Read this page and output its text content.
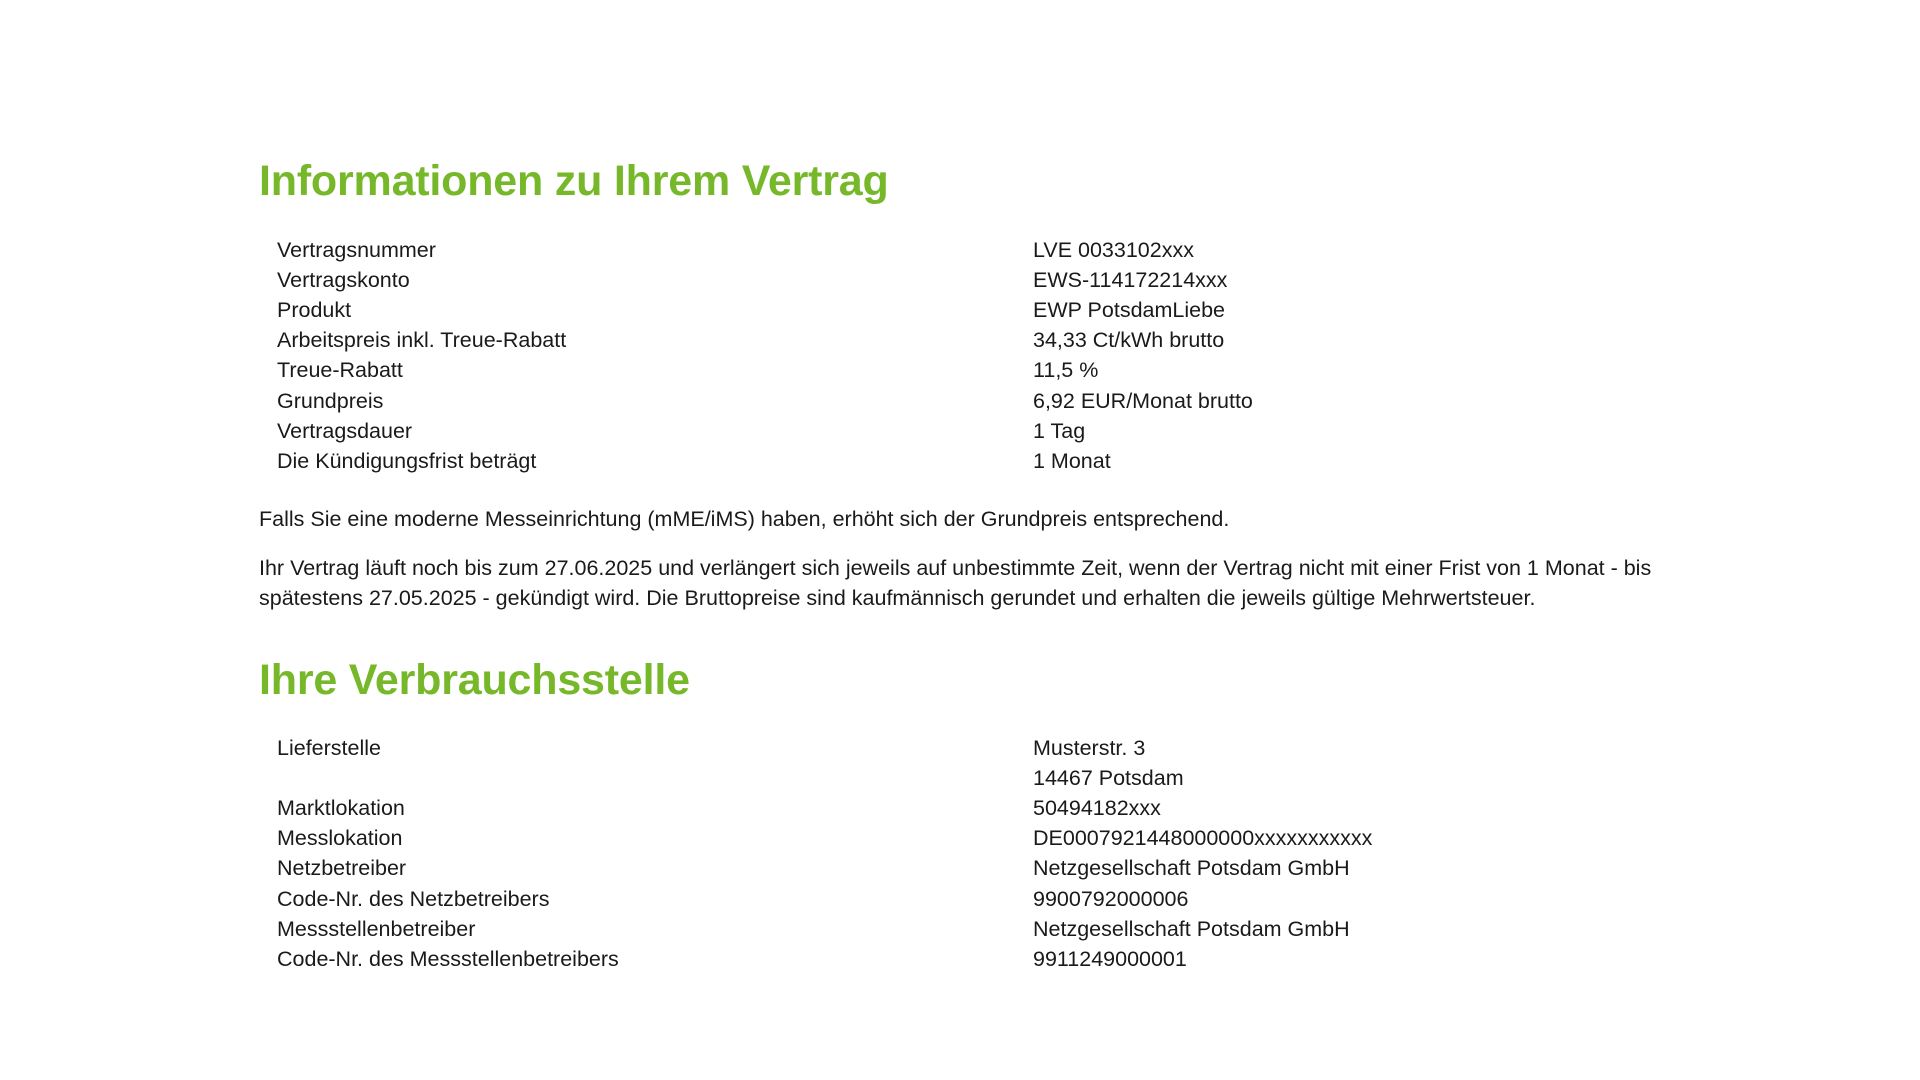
Informationen zu Ihrem Vertrag
Vertragsnummer	LVE 0033102xxx
Vertragskonto	EWS-114172214xxx
Produkt	EWP PotsdamLiebe
Arbeitspreis inkl. Treue-Rabatt	34,33 Ct/kWh brutto
Treue-Rabatt	11,5 %
Grundpreis	6,92 EUR/Monat brutto
Vertragsdauer	1 Tag
Die Kündigungsfrist beträgt	1 Monat

Falls Sie eine moderne Messeinrichtung (mME/iMS) haben, erhöht sich der Grundpreis entsprechend.

Ihr Vertrag läuft noch bis zum 27.06.2025 und verlängert sich jeweils auf unbestimmte Zeit, wenn der Vertrag nicht mit einer Frist von 1 Monat - bis spätestens 27.05.2025 - gekündigt wird. Die Bruttopreise sind kaufmännisch gerundet und erhalten die jeweils gültige Mehrwertsteuer.

Ihre Verbrauchsstelle
Lieferstelle	Musterstr. 3
14467 Potsdam
Marktlokation	50494182xxx
Messlokation	DE0007921448000000xxxxxxxxxxx
Netzbetreiber	Netzgesellschaft Potsdam GmbH
Code-Nr. des Netzbetreibers	9900792000006
Messstellenbetreiber	Netzgesellschaft Potsdam GmbH
Code-Nr. des Messstellenbetreibers	9911249000001
